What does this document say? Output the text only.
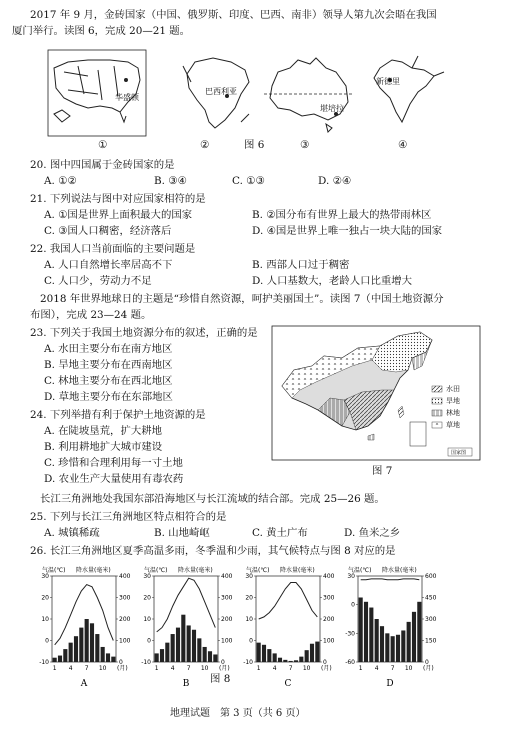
2017 年 9 月，金砖国家（中国、俄罗斯、印度、巴西、南非）领导人第九次会晤在我国
厦门举行。读图 6，完成 20—21 题。
华盛顿
巴西利亚
堪培拉
新德里
①	②	图 6	③	④
20. 图中四国属于金砖国家的是
A. ①②	B. ③④	C. ①③	D. ②④
21. 下列说法与图中对应国家相符的是
A. ①国是世界上面积最大的国家	B. ②国分布有世界上最大的热带雨林区
C. ③国人口稠密，经济落后	D. ④国是世界上唯一独占一块大陆的国家
22. 我国人口当前面临的主要问题是
A. 人口自然增长率居高不下	B. 西部人口过于稠密
C. 人口少，劳动力不足	D. 人口基数大，老龄人口比重增大
2018 年世界地球日的主题是“珍惜自然资源，呵护美丽国土”。读图 7（中国土地资源分
布图），完成 23—24 题。
23. 下列关于我国土地资源分布的叙述，正确的是
A. 水田主要分布在南方地区
B. 旱地主要分布在西南地区
C. 林地主要分布在西北地区
D. 草地主要分布在东部地区
24. 下列举措有利于保护土地资源的是
A. 在陡坡垦荒，扩大耕地
B. 利用耕地扩大城市建设
C. 珍惜和合理利用每一寸土地
D. 农业生产大量使用有毒农药
水田
旱地
林地
草地
国家图
图 7
长江三角洲地处我国东部沿海地区与长江流域的结合部。完成 25—26 题。
25. 下列与长江三角洲地区特点相符合的是
A. 城镇稀疏	B. 山地崎岖	C. 黄土广布	D. 鱼米之乡
26. 长江三角洲地区夏季高温多雨，冬季温和少雨，其气候特点与图 8 对应的是
气温(℃) 降水量(毫米)
-10
0
10
20
30
0
100
200
300
400
1 4 7 10 (月)
A
气温(℃) 降水量(毫米)
-10
0
10
20
30
0
100
200
300
400
1 4 7 10 (月)
B
气温(℃) 降水量(毫米)
-10
0
10
20
30
0
100
200
300
400
1 4 7 10 (月)
C
气温(℃) 降水量(毫米)
-60
-30
0
30
0
150
300
450
600
1 4 7 10 (月)
D
图 8
地理试题　第 3 页（共 6 页）
